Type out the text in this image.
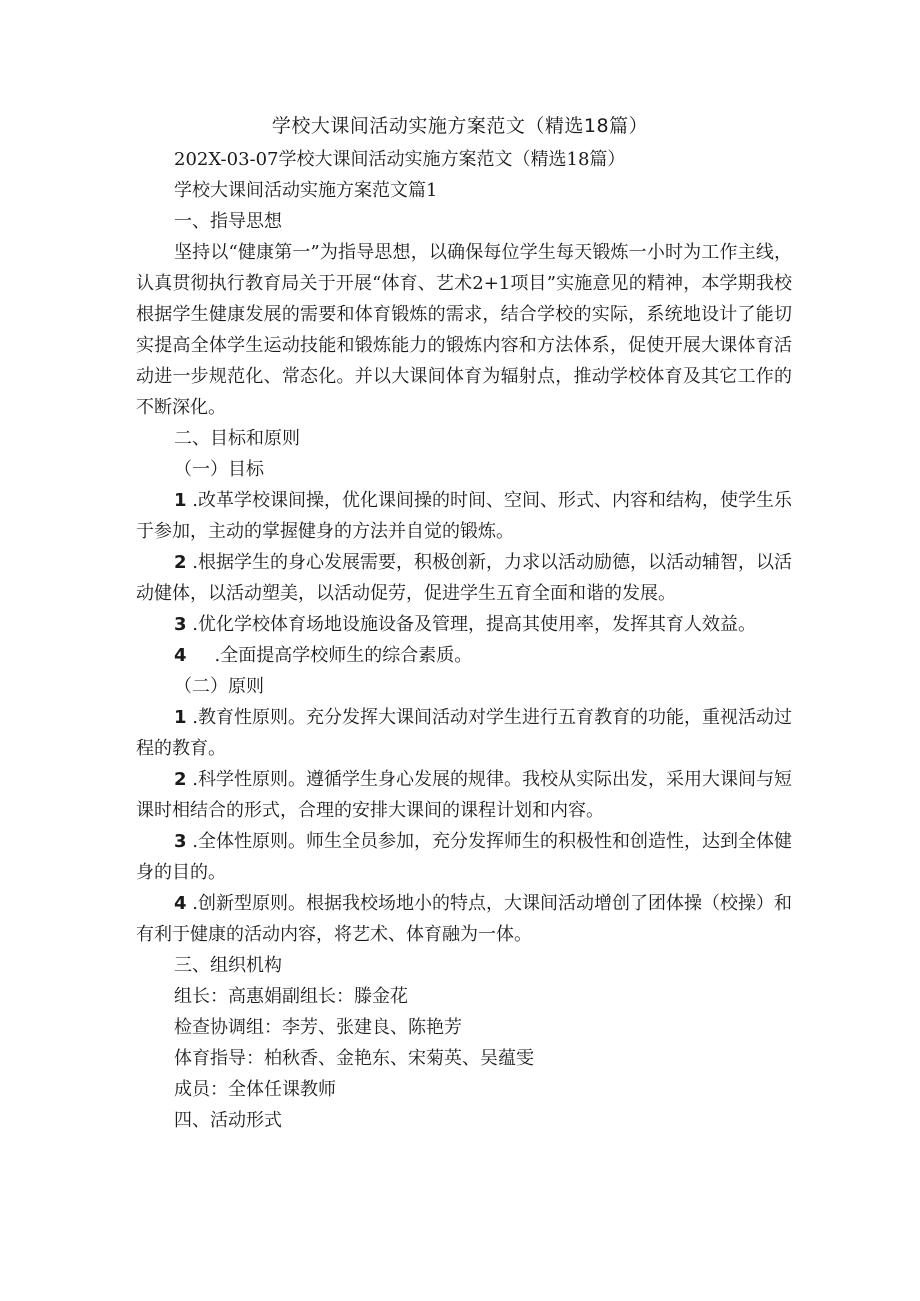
学校大课间活动实施方案范文（精选18篇）

202X-03-07学校大课间活动实施方案范文（精选18篇）

学校大课间活动实施方案范文篇1

一、指导思想

坚持以“健康第一”为指导思想，以确保每位学生每天锻炼一小时为工作主线，认真贯彻执行教育局关于开展“体育、艺术2+1项目”实施意见的精神，本学期我校根据学生健康发展的需要和体育锻炼的需求，结合学校的实际，系统地设计了能切实提高全体学生运动技能和锻炼能力的锻炼内容和方法体系，促使开展大课体育活动进一步规范化、常态化。并以大课间体育为辐射点，推动学校体育及其它工作的不断深化。

二、目标和原则

（一）目标

1 .改革学校课间操，优化课间操的时间、空间、形式、内容和结构，使学生乐于参加，主动的掌握健身的方法并自觉的锻炼。

2 .根据学生的身心发展需要，积极创新，力求以活动励德，以活动辅智，以活动健体，以活动塑美，以活动促劳，促进学生五育全面和谐的发展。

3 .优化学校体育场地设施设备及管理，提高其使用率，发挥其育人效益。

4 .全面提高学校师生的综合素质。

（二）原则

1 .教育性原则。充分发挥大课间活动对学生进行五育教育的功能，重视活动过程的教育。

2 .科学性原则。遵循学生身心发展的规律。我校从实际出发，采用大课间与短课时相结合的形式，合理的安排大课间的课程计划和内容。

3 .全体性原则。师生全员参加，充分发挥师生的积极性和创造性，达到全体健身的目的。

4 .创新型原则。根据我校场地小的特点，大课间活动增创了团体操（校操）和有利于健康的活动内容，将艺术、体育融为一体。

三、组织机构

组长：高惠娟副组长：滕金花

检查协调组：李芳、张建良、陈艳芳

体育指导：柏秋香、金艳东、宋菊英、吴蕴雯

成员：全体任课教师

四、活动形式
